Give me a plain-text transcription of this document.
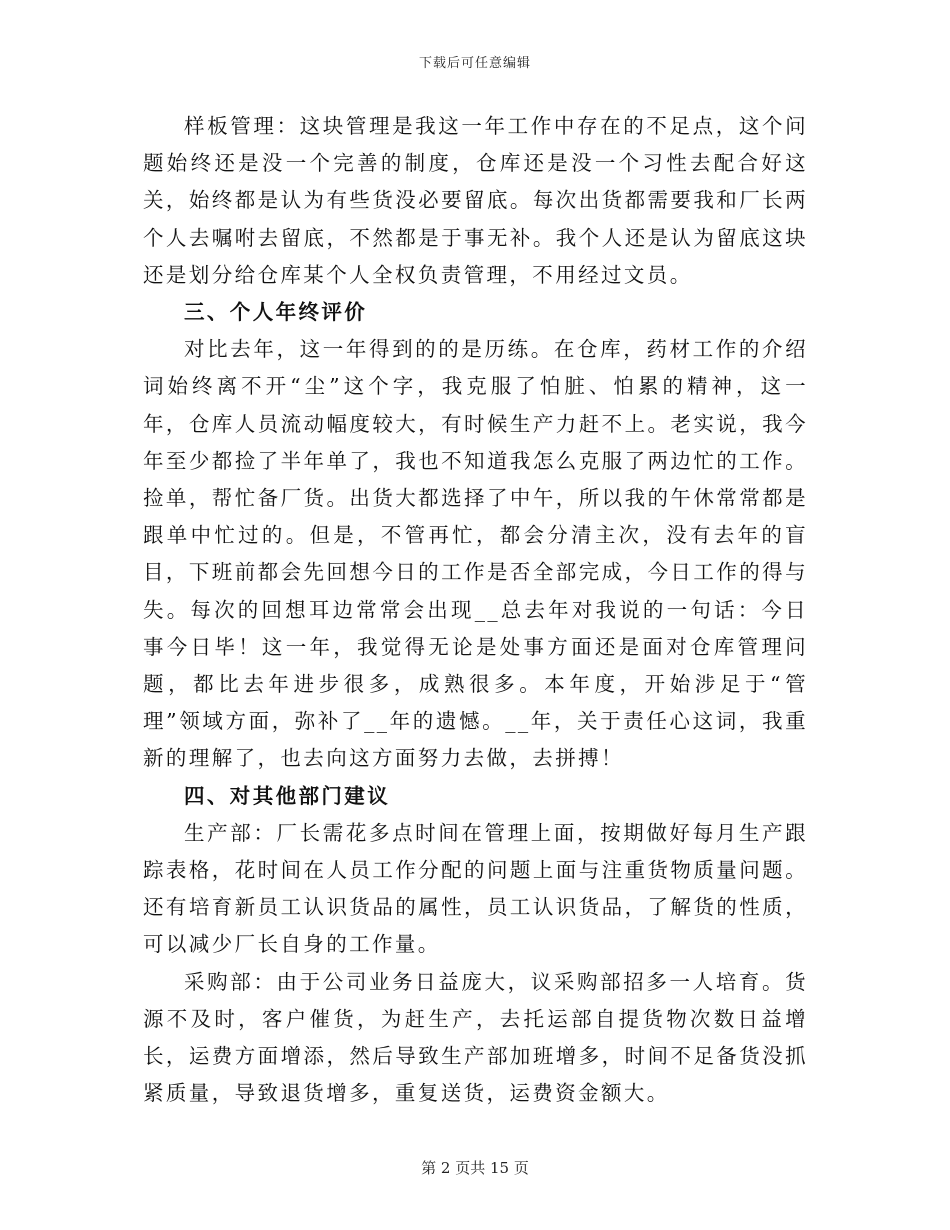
下载后可任意编辑

样板管理：这块管理是我这一年工作中存在的不足点，这个问题始终还是没一个完善的制度，仓库还是没一个习性去配合好这关，始终都是认为有些货没必要留底。每次出货都需要我和厂长两个人去嘱咐去留底，不然都是于事无补。我个人还是认为留底这块还是划分给仓库某个人全权负责管理，不用经过文员。

三、个人年终评价

对比去年，这一年得到的的是历练。在仓库，药材工作的介绍词始终离不开“尘”这个字，我克服了怕脏、怕累的精神，这一年，仓库人员流动幅度较大，有时候生产力赶不上。老实说，我今年至少都捡了半年单了，我也不知道我怎么克服了两边忙的工作。捡单，帮忙备厂货。出货大都选择了中午，所以我的午休常常都是跟单中忙过的。但是，不管再忙，都会分清主次，没有去年的盲目，下班前都会先回想今日的工作是否全部完成，今日工作的得与失。每次的回想耳边常常会出现__总去年对我说的一句话：今日事今日毕！这一年，我觉得无论是处事方面还是面对仓库管理问题，都比去年进步很多，成熟很多。本年度，开始涉足于“管理”领域方面，弥补了__年的遗憾。__年，关于责任心这词，我重新的理解了，也去向这方面努力去做，去拼搏！

四、对其他部门建议

生产部：厂长需花多点时间在管理上面，按期做好每月生产跟踪表格，花时间在人员工作分配的问题上面与注重货物质量问题。还有培育新员工认识货品的属性，员工认识货品，了解货的性质，可以减少厂长自身的工作量。

采购部：由于公司业务日益庞大，议采购部招多一人培育。货源不及时，客户催货，为赶生产，去托运部自提货物次数日益增长，运费方面增添，然后导致生产部加班增多，时间不足备货没抓紧质量，导致退货增多，重复送货，运费资金额大。

第 2 页共 15 页
